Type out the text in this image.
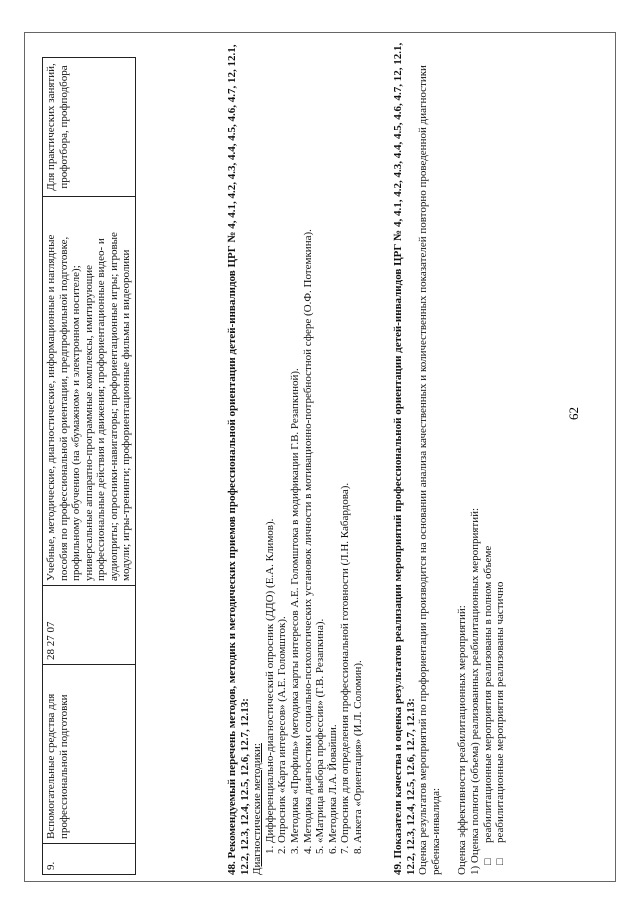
62
9.	Вспомогательные средства для профессиональной подготовки	28 27 07	Учебные, методические, диагностические, информационные и наглядные пособия по профессиональной ориентации, предпрофильной подготовке, профильному обучению (на «бумажном» и электронном носителе); универсальные аппаратно-программные комплексы, имитирующие профессиональные действия и движения; профориентационные видео- и аудиоприты; опросники-навигаторы; профориентационные игры; игровые модули; игры-тренинги; профориентационные фильмы и видеоролики	Для практических занятий, профотбора, профподбора	48. Рекомендуемый перечень методов, методик и методических приемов профессиональной ориентации детей-инвалидов ЦРГ № 4, 4.1, 4.2, 4.3, 4.4, 4.5, 4.6, 4.7, 12, 12.1, 12.2, 12.3, 12.4, 12.5, 12.6, 12.7, 12.13: Диагностические методики: 1. Дифференциально-диагностический опросник (ДДО) (Е.А. Климов). 2. Опросник «Карта интересов» (А.Е. Голомшток). 3. Методика «Профиль» (методика карты интересов А.Е. Голомштока в модификации Г.В. Резапкиной). 4. Методика диагностики социально-психологических установок личности в мотивационно-потребностной сфере (О.Ф. Потемкина). 5. «Матрица выбора профессии» (Г.В. Резапкина). 6. Методика Л.А. Йовайши. 7. Опросник для определения профессиональной готовности (Л.Н. Кабардова). 8. Анкета «Ориентация» (И.Л. Соломин).	49. Показатели качества и оценка результатов реализации мероприятий профессиональной ориентации детей-инвалидов ЦРГ № 4, 4.1, 4.2, 4.3, 4.4, 4.5, 4.6, 4.7, 12, 12.1, 12.2, 12.3, 12.4, 12.5, 12.6, 12.7, 12.13: Оценка результатов мероприятий по профориентации производится на основании анализа качественных и количественных показателей повторно проведенной диагностики ребенка-инвалида: Оценка эффективности реабилитационных мероприятий: 1) Оценка полноты (объема) реализованных реабилитационных мероприятий: □ реабилитационные мероприятия реализованы в полном объеме □ реабилитационные мероприятия реализованы частично
